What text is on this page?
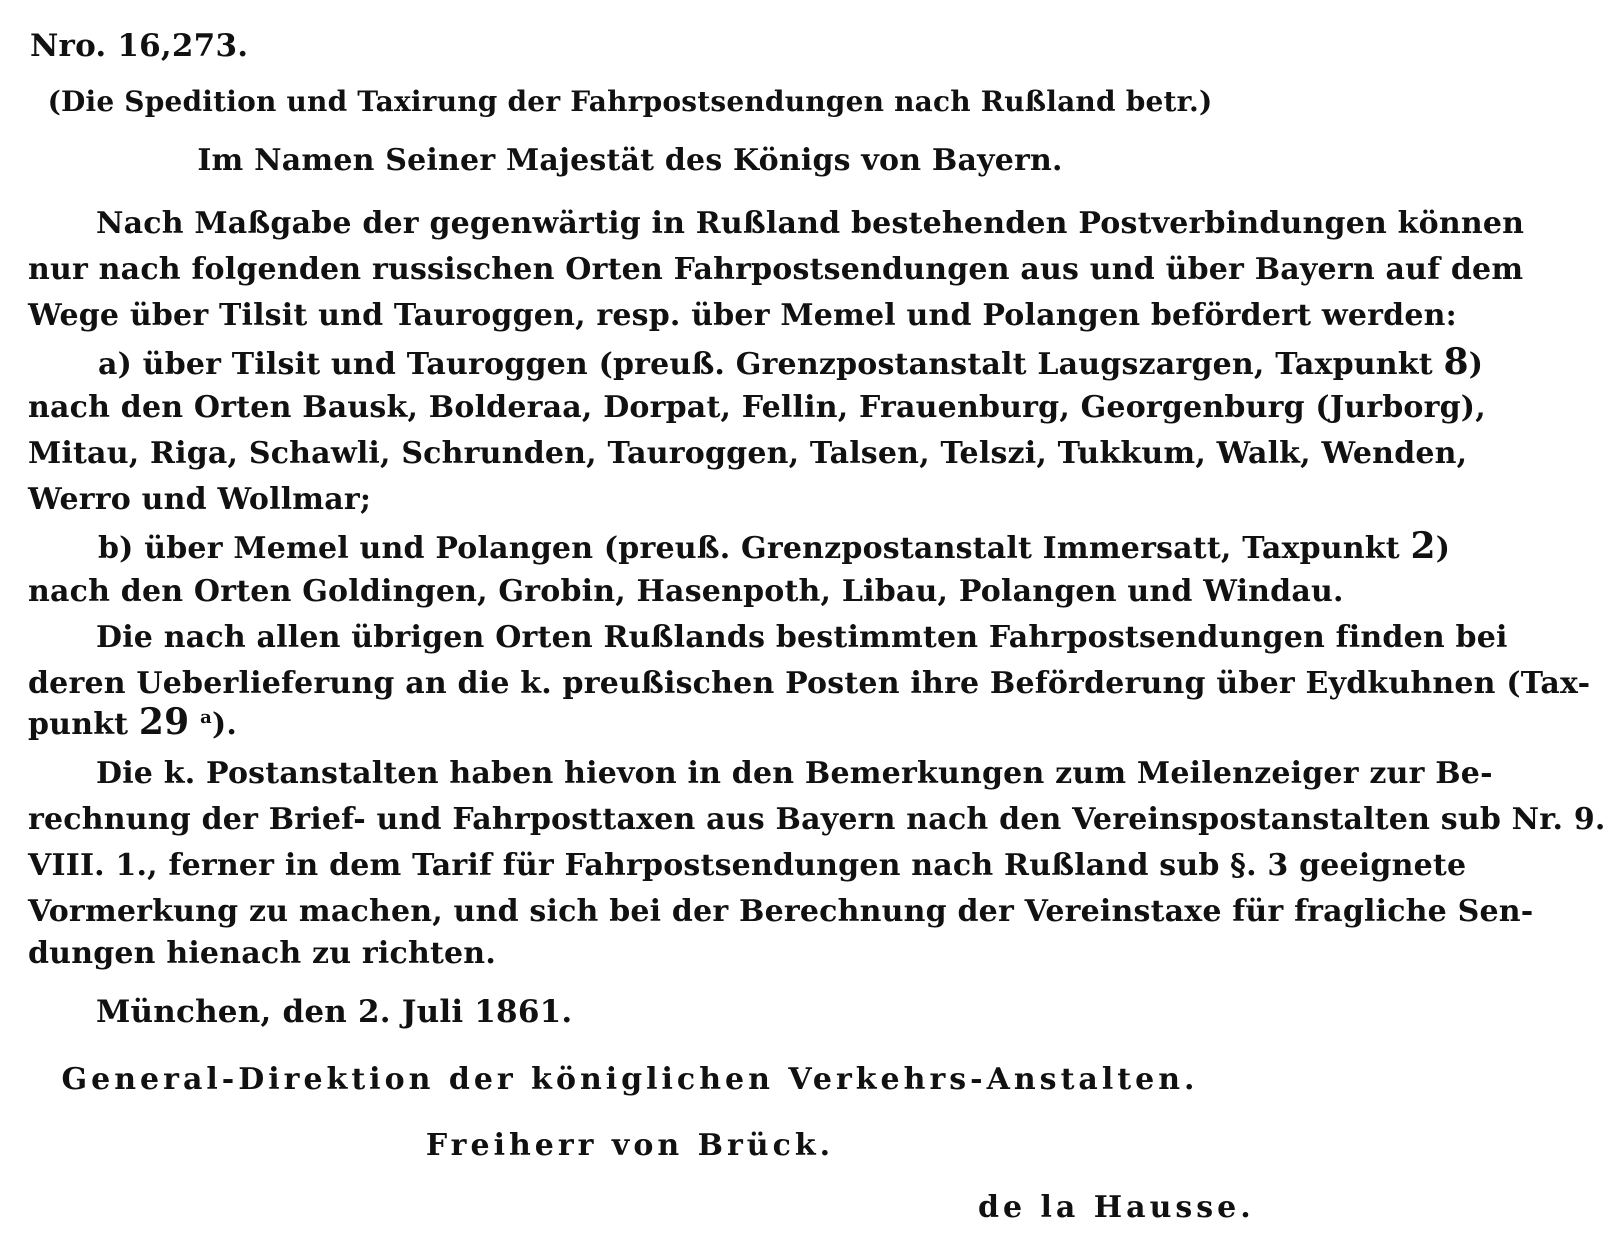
Nro. 16,273.
(Die Spedition und Taxirung der Fahrpostsendungen nach Rußland betr.)
Im Namen Seiner Majestät des Königs von Bayern.
Nach Maßgabe der gegenwärtig in Rußland bestehenden Postverbindungen können
nur nach folgenden russischen Orten Fahrpostsendungen aus und über Bayern auf dem
Wege über Tilsit und Tauroggen, resp. über Memel und Polangen befördert werden:
a) über Tilsit und Tauroggen (preuß. Grenzpostanstalt Laugszargen, Taxpunkt 8)
nach den Orten Bausk, Bolderaa, Dorpat, Fellin, Frauenburg, Georgenburg (Jurborg),
Mitau, Riga, Schawli, Schrunden, Tauroggen, Talsen, Telszi, Tukkum, Walk, Wenden,
Werro und Wollmar;
b) über Memel und Polangen (preuß. Grenzpostanstalt Immersatt, Taxpunkt 2)
nach den Orten Goldingen, Grobin, Hasenpoth, Libau, Polangen und Windau.
Die nach allen übrigen Orten Rußlands bestimmten Fahrpostsendungen finden bei
deren Ueberlieferung an die k. preußischen Posten ihre Beförderung über Eydkuhnen (Tax-
punkt 29 $^a$).
Die k. Postanstalten haben hievon in den Bemerkungen zum Meilenzeiger zur Be-
rechnung der Brief- und Fahrposttaxen aus Bayern nach den Vereinspostanstalten sub Nr. 9.
VIII. 1., ferner in dem Tarif für Fahrpostsendungen nach Rußland sub §. 3 geeignete
Vormerkung zu machen, und sich bei der Berechnung der Vereinstaxe für fragliche Sen-
dungen hienach zu richten.
München, den 2. Juli 1861.
General-Direktion der königlichen Verkehrs-Anstalten.
Freiherr von Brück.
de la Hausse.
